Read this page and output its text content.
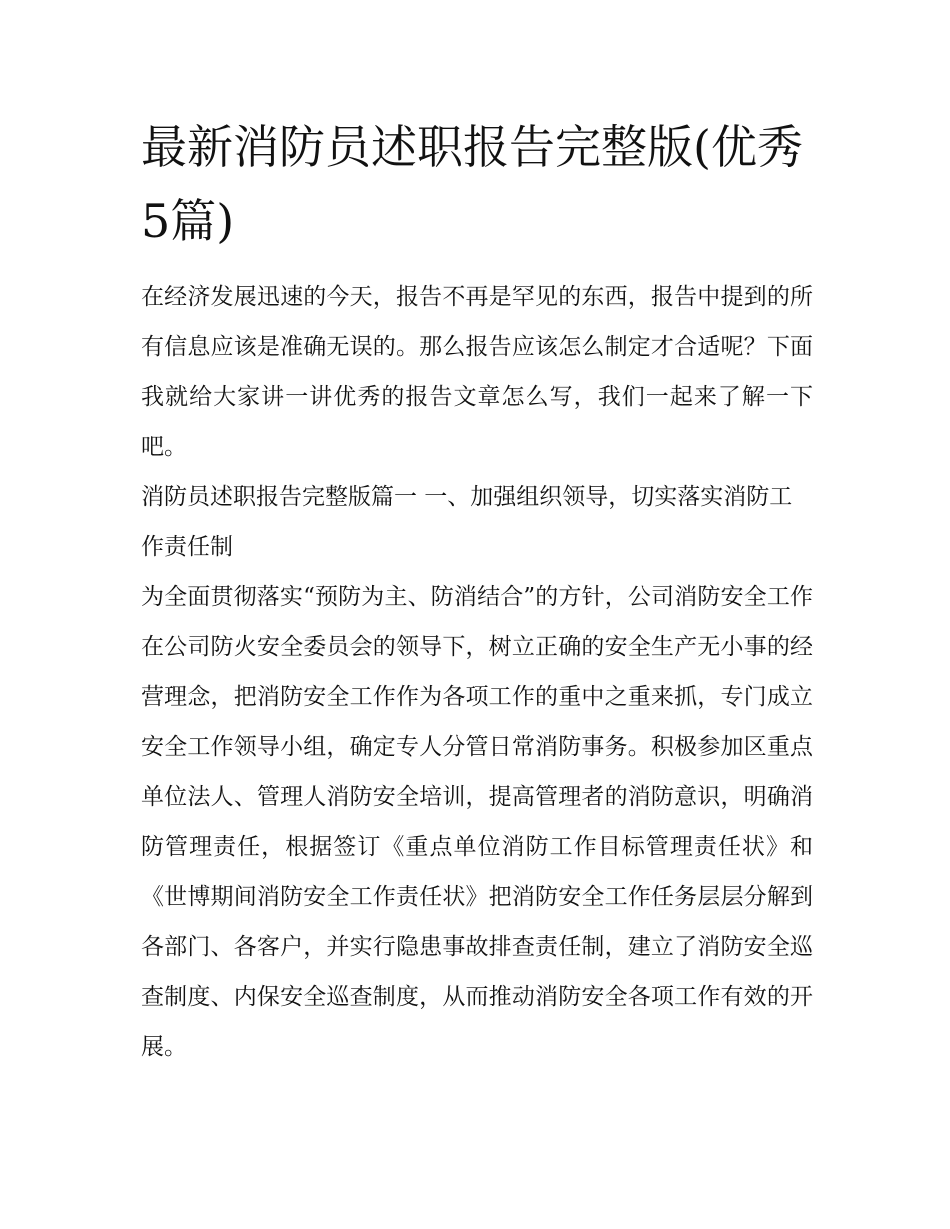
最新消防员述职报告完整版(优秀5篇)

在经济发展迅速的今天，报告不再是罕见的东西，报告中提到的所有信息应该是准确无误的。那么报告应该怎么制定才合适呢？下面我就给大家讲一讲优秀的报告文章怎么写，我们一起来了解一下吧。

消防员述职报告完整版篇一 一、加强组织领导，切实落实消防工作责任制

为全面贯彻落实“预防为主、防消结合”的方针，公司消防安全工作在公司防火安全委员会的领导下，树立正确的安全生产无小事的经营理念，把消防安全工作作为各项工作的重中之重来抓，专门成立安全工作领导小组，确定专人分管日常消防事务。积极参加区重点单位法人、管理人消防安全培训，提高管理者的消防意识，明确消防管理责任，根据签订《重点单位消防工作目标管理责任状》和《世博期间消防安全工作责任状》把消防安全工作任务层层分解到各部门、各客户，并实行隐患事故排查责任制，建立了消防安全巡查制度、内保安全巡查制度，从而推动消防安全各项工作有效的开展。
